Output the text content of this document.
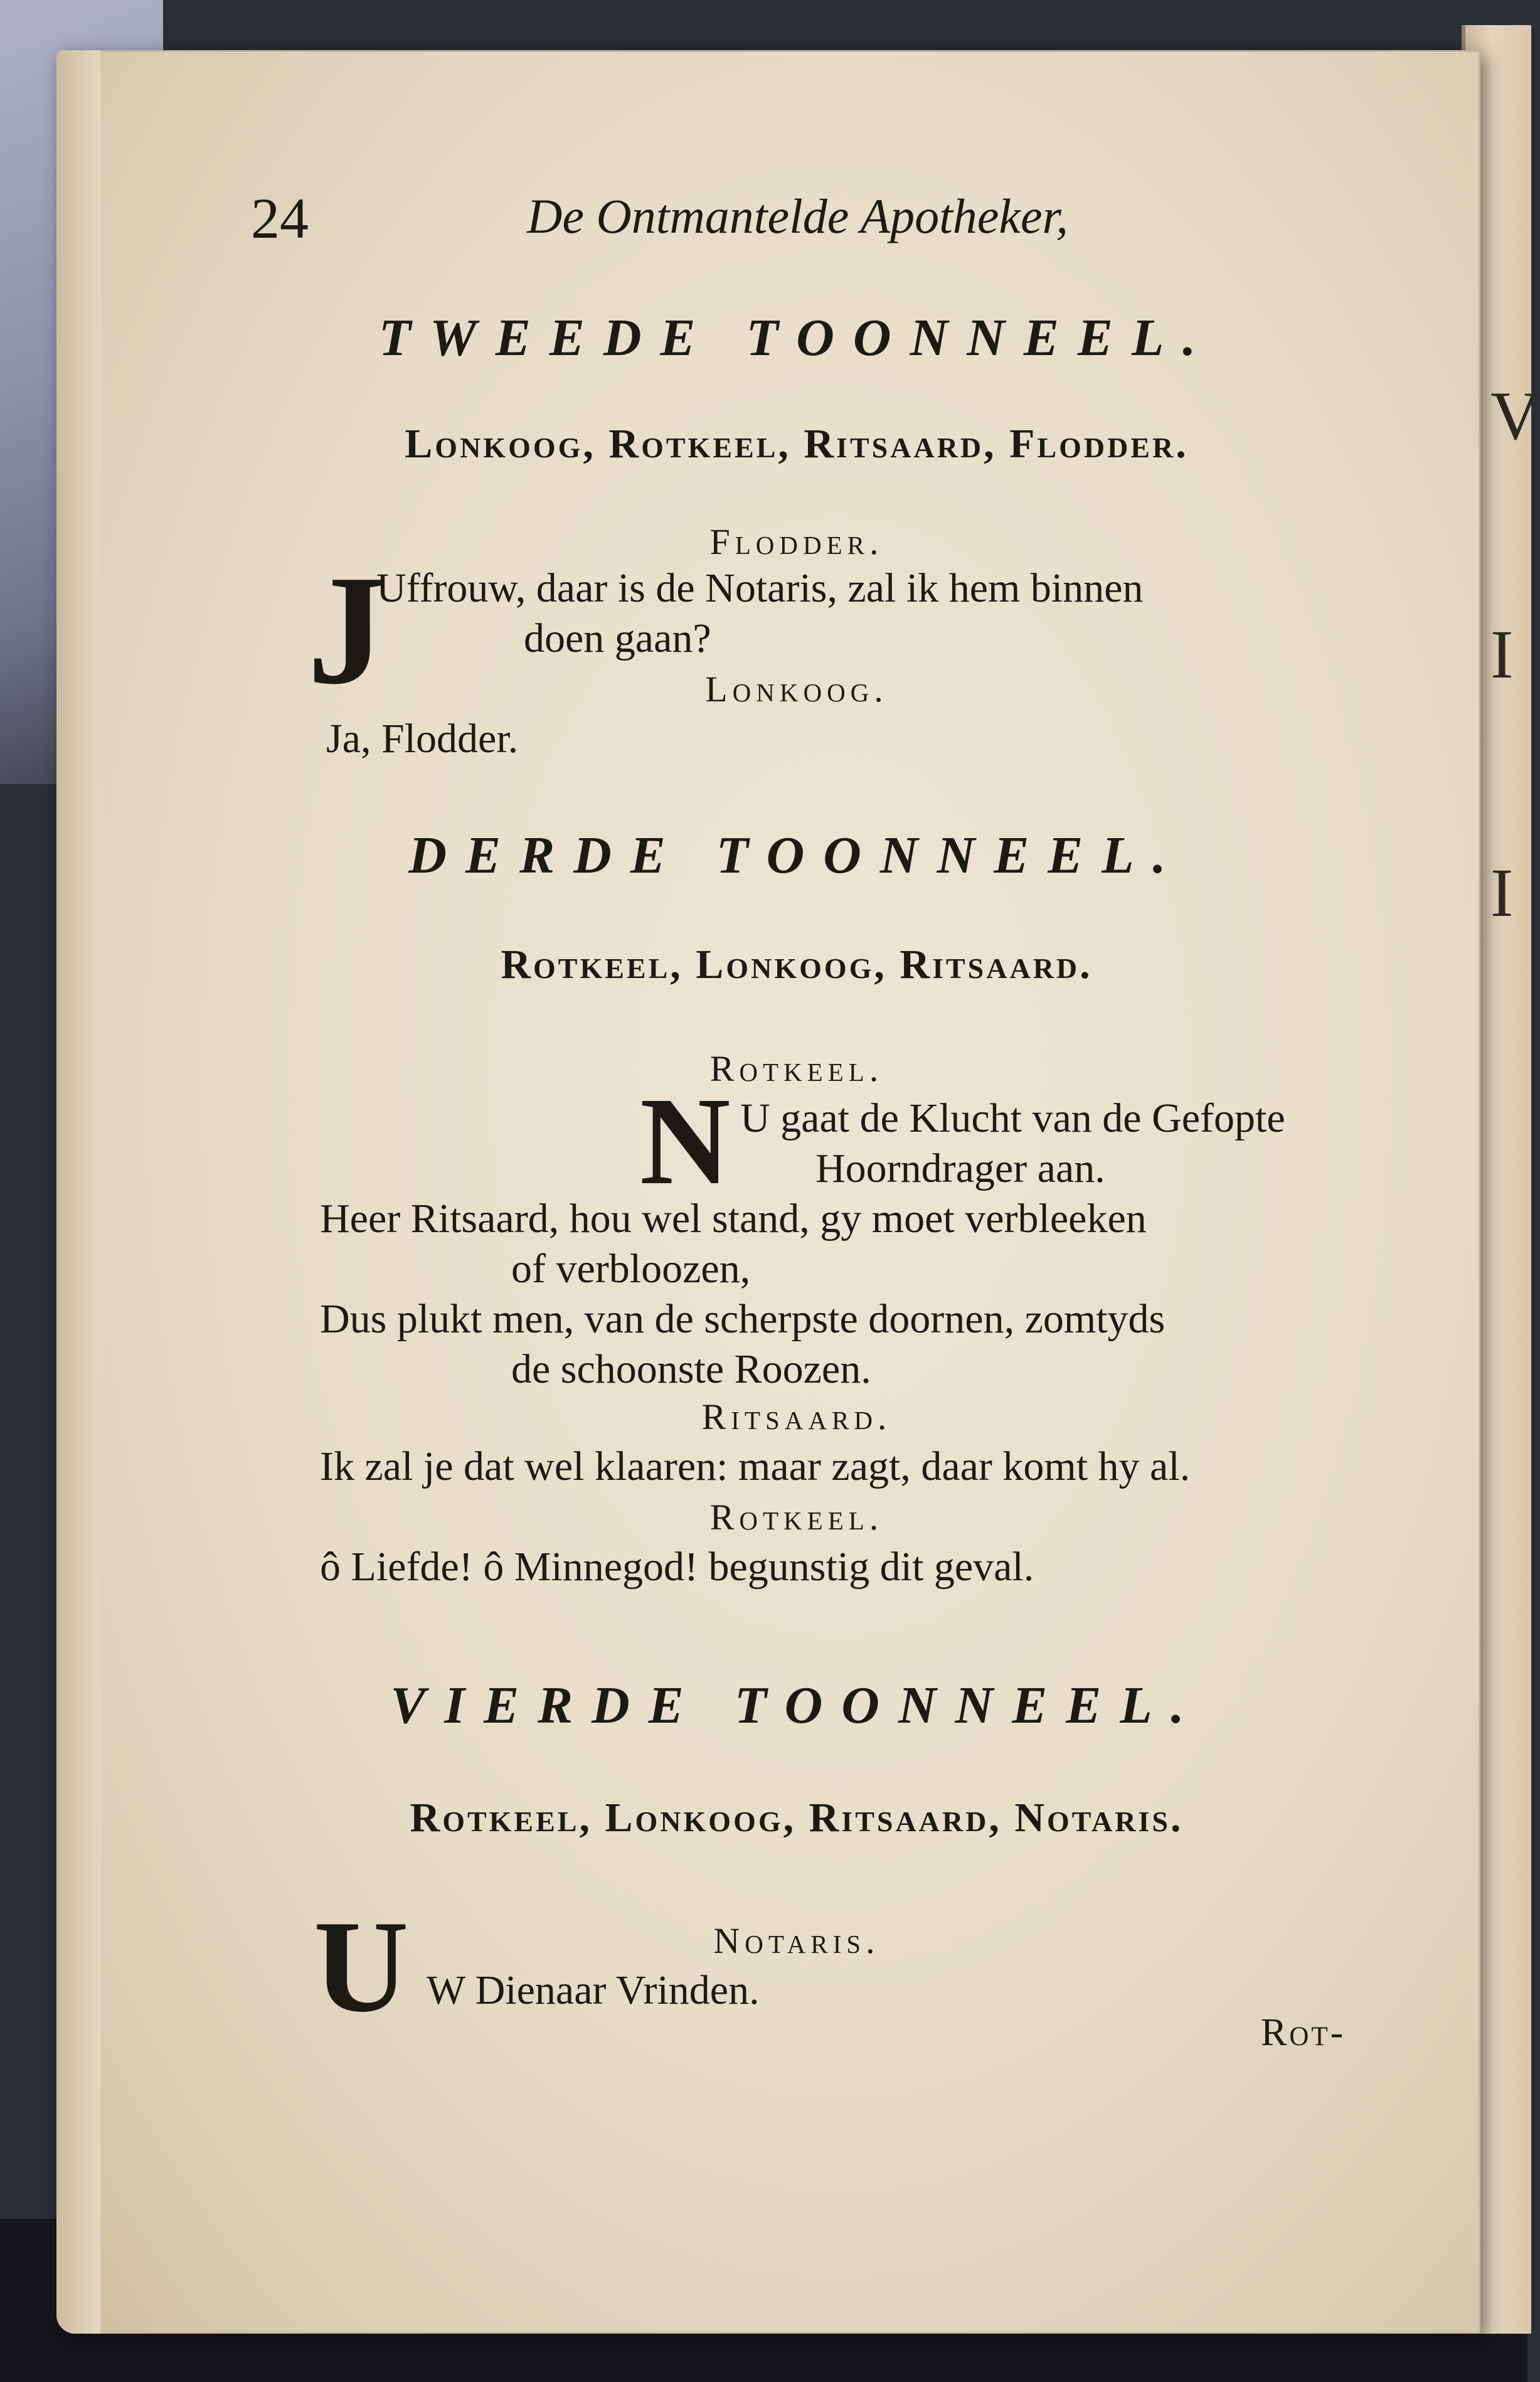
V
I
I
24	De Ontmantelde Apotheker,
TWEEDE TOONNEEL.
Lonkoog, Rotkeel, Ritsaard, Flodder.
Flodder.
J
Uffrouw, daar is de Notaris, zal ik hem binnen
doen gaan?
Lonkoog.
Ja, Flodder.
DERDE TOONNEEL.
Rotkeel, Lonkoog, Ritsaard.
Rotkeel.
N U gaat de Klucht van de Gefopte
Hoorndrager aan.
Heer Ritsaard, hou wel stand, gy moet verbleeken
of verbloozen,
Dus plukt men, van de scherpste doornen, zomtyds
de schoonste Roozen.
Ritsaard.
Ik zal je dat wel klaaren: maar zagt, daar komt hy al.
Rotkeel.
ô Liefde! ô Minnegod! begunstig dit geval.
VIERDE TOONNEEL.
Rotkeel, Lonkoog, Ritsaard, Notaris.
Notaris.
U W Dienaar Vrinden.
Rot-
